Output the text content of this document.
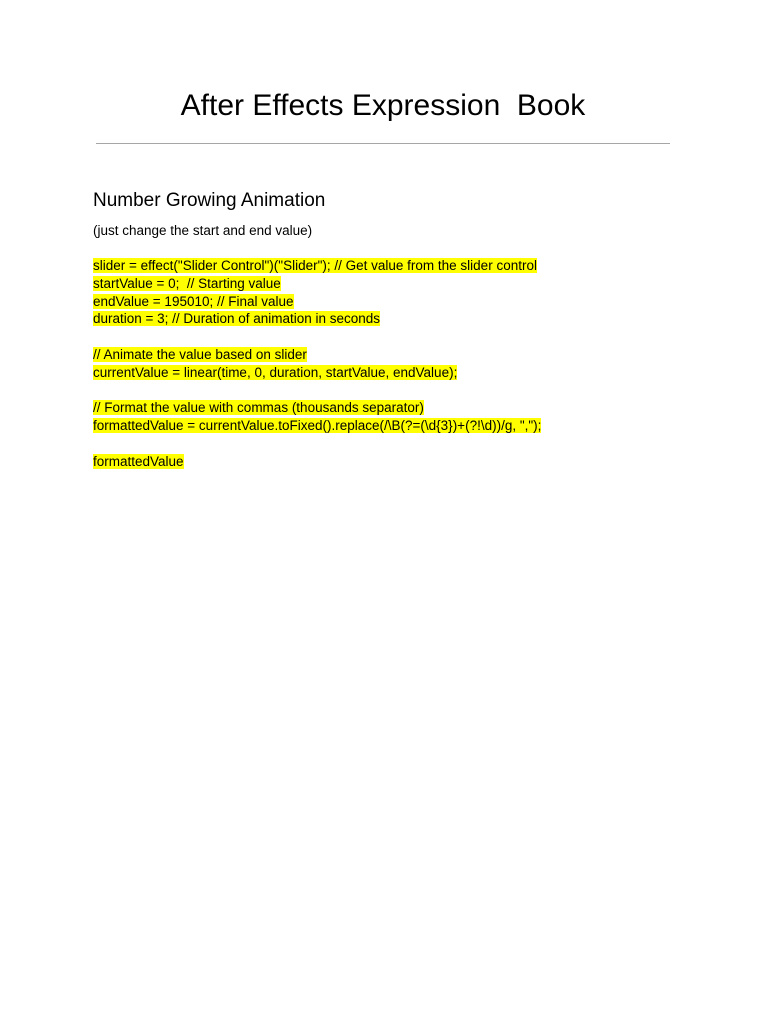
After Effects Expression  Book
Number Growing Animation
(just change the start and end value)
slider = effect("Slider Control")("Slider"); // Get value from the slider control
startValue = 0;  // Starting value
endValue = 195010; // Final value
duration = 3; // Duration of animation in seconds
// Animate the value based on slider
currentValue = linear(time, 0, duration, startValue, endValue);
// Format the value with commas (thousands separator)
formattedValue = currentValue.toFixed().replace(/\B(?=(\d{3})+(?!\d))/g, ",");
formattedValue
